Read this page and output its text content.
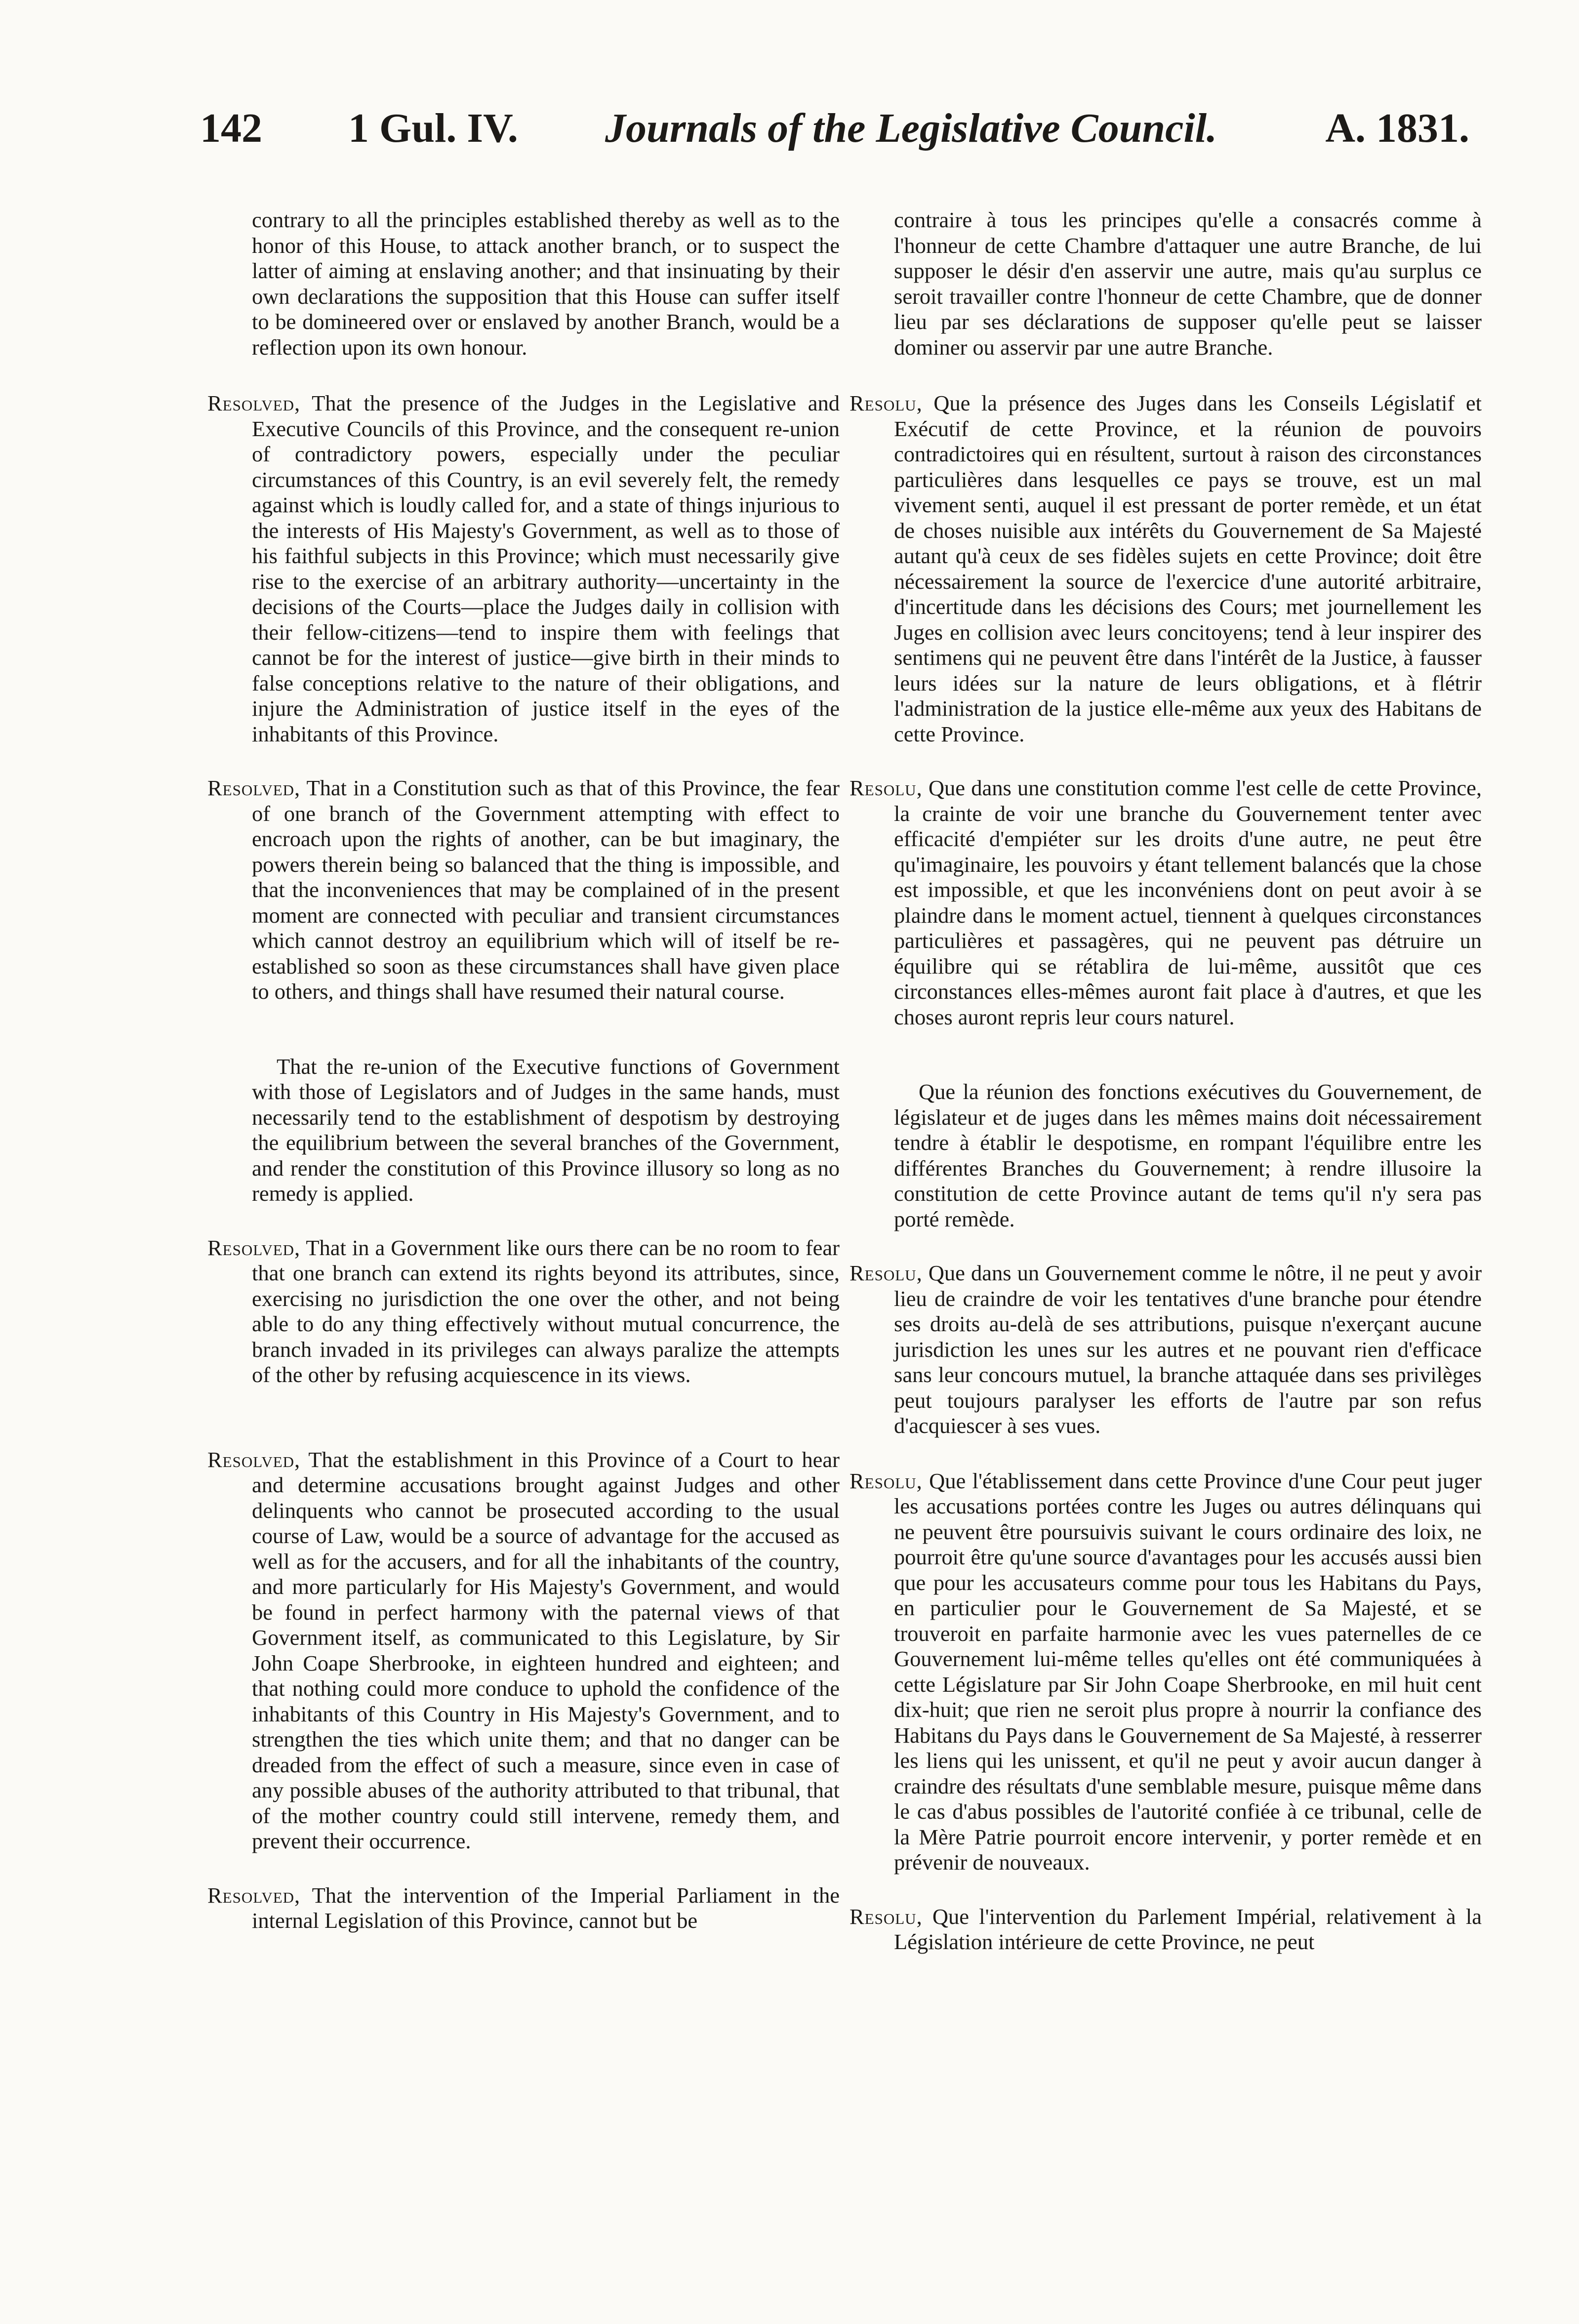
142 1 Gul. IV. Journals of the Legislative Council.	A. 1831.

contrary to all the principles established thereby as well as to the honor of this House, to attack another branch, or to suspect the latter of aiming at enslaving another; and that insinuating by their own declarations the supposition that this House can suffer itself to be domineered over or enslaved by another Branch, would be a reflection upon its own honour.

Resolved, That the presence of the Judges in the Legislative and Executive Councils of this Province, and the consequent re-union of contradictory powers, especially under the peculiar circumstances of this Country, is an evil severely felt, the remedy against which is loudly called for, and a state of things injurious to the interests of His Majesty's Government, as well as to those of his faithful subjects in this Province; which must necessarily give rise to the exercise of an arbitrary authority—uncertainty in the decisions of the Courts—place the Judges daily in collision with their fellow-citizens—tend to inspire them with feelings that cannot be for the interest of justice—give birth in their minds to false conceptions relative to the nature of their obligations, and injure the Administration of justice itself in the eyes of the inhabitants of this Province.

Resolved, That in a Constitution such as that of this Province, the fear of one branch of the Government attempting with effect to encroach upon the rights of another, can be but imaginary, the powers therein being so balanced that the thing is impossible, and that the inconveniences that may be complained of in the present moment are connected with peculiar and transient circumstances which cannot destroy an equilibrium which will of itself be re-established so soon as these circumstances shall have given place to others, and things shall have resumed their natural course.

That the re-union of the Executive functions of Government with those of Legislators and of Judges in the same hands, must necessarily tend to the establishment of despotism by destroying the equilibrium between the several branches of the Government, and render the constitution of this Province illusory so long as no remedy is applied.

Resolved, That in a Government like ours there can be no room to fear that one branch can extend its rights beyond its attributes, since, exercising no jurisdiction the one over the other, and not being able to do any thing effectively without mutual concurrence, the branch invaded in its privileges can always paralize the attempts of the other by refusing acquiescence in its views.

Resolved, That the establishment in this Province of a Court to hear and determine accusations brought against Judges and other delinquents who cannot be prosecuted according to the usual course of Law, would be a source of advantage for the accused as well as for the accusers, and for all the inhabitants of the country, and more particularly for His Majesty's Government, and would be found in perfect harmony with the paternal views of that Government itself, as communicated to this Legislature, by Sir John Coape Sherbrooke, in eighteen hundred and eighteen; and that nothing could more conduce to uphold the confidence of the inhabitants of this Country in His Majesty's Government, and to strengthen the ties which unite them; and that no danger can be dreaded from the effect of such a measure, since even in case of any possible abuses of the authority attributed to that tribunal, that of the mother country could still intervene, remedy them, and prevent their occurrence.

Resolved, That the intervention of the Imperial Parliament in the internal Legislation of this Province, cannot but be

contraire à tous les principes qu'elle a consacrés comme à l'honneur de cette Chambre d'attaquer une autre Branche, de lui supposer le désir d'en asservir une autre, mais qu'au surplus ce seroit travailler contre l'honneur de cette Chambre, que de donner lieu par ses déclarations de supposer qu'elle peut se laisser dominer ou asservir par une autre Branche.

Resolu, Que la présence des Juges dans les Conseils Législatif et Exécutif de cette Province, et la réunion de pouvoirs contradictoires qui en résultent, surtout à raison des circonstances particulières dans lesquelles ce pays se trouve, est un mal vivement senti, auquel il est pressant de porter remède, et un état de choses nuisible aux intérêts du Gouvernement de Sa Majesté autant qu'à ceux de ses fidèles sujets en cette Province; doit être nécessairement la source de l'exercice d'une autorité arbitraire, d'incertitude dans les décisions des Cours; met journellement les Juges en collision avec leurs concitoyens; tend à leur inspirer des sentimens qui ne peuvent être dans l'intérêt de la Justice, à fausser leurs idées sur la nature de leurs obligations, et à flétrir l'administration de la justice elle-même aux yeux des Habitans de cette Province.

Resolu, Que dans une constitution comme l'est celle de cette Province, la crainte de voir une branche du Gouvernement tenter avec efficacité d'empiéter sur les droits d'une autre, ne peut être qu'imaginaire, les pouvoirs y étant tellement balancés que la chose est impossible, et que les inconvéniens dont on peut avoir à se plaindre dans le moment actuel, tiennent à quelques circonstances particulières et passagères, qui ne peuvent pas détruire un équilibre qui se rétablira de lui-même, aussitôt que ces circonstances elles-mêmes auront fait place à d'autres, et que les choses auront repris leur cours naturel.

Que la réunion des fonctions exécutives du Gouvernement, de législateur et de juges dans les mêmes mains doit nécessairement tendre à établir le despotisme, en rompant l'équilibre entre les différentes Branches du Gouvernement; à rendre illusoire la constitution de cette Province autant de tems qu'il n'y sera pas porté remède.

Resolu, Que dans un Gouvernement comme le nôtre, il ne peut y avoir lieu de craindre de voir les tentatives d'une branche pour étendre ses droits au-delà de ses attributions, puisque n'exerçant aucune jurisdiction les unes sur les autres et ne pouvant rien d'efficace sans leur concours mutuel, la branche attaquée dans ses privilèges peut toujours paralyser les efforts de l'autre par son refus d'acquiescer à ses vues.

Resolu, Que l'établissement dans cette Province d'une Cour peut juger les accusations portées contre les Juges ou autres délinquans qui ne peuvent être poursuivis suivant le cours ordinaire des loix, ne pourroit être qu'une source d'avantages pour les accusés aussi bien que pour les accusateurs comme pour tous les Habitans du Pays, en particulier pour le Gouvernement de Sa Majesté, et se trouveroit en parfaite harmonie avec les vues paternelles de ce Gouvernement lui-même telles qu'elles ont été communiquées à cette Législature par Sir John Coape Sherbrooke, en mil huit cent dix-huit; que rien ne seroit plus propre à nourrir la confiance des Habitans du Pays dans le Gouvernement de Sa Majesté, à resserrer les liens qui les unissent, et qu'il ne peut y avoir aucun danger à craindre des résultats d'une semblable mesure, puisque même dans le cas d'abus possibles de l'autorité confiée à ce tribunal, celle de la Mère Patrie pourroit encore intervenir, y porter remède et en prévenir de nouveaux.

Resolu, Que l'intervention du Parlement Impérial, relativement à la Législation intérieure de cette Province, ne peut
